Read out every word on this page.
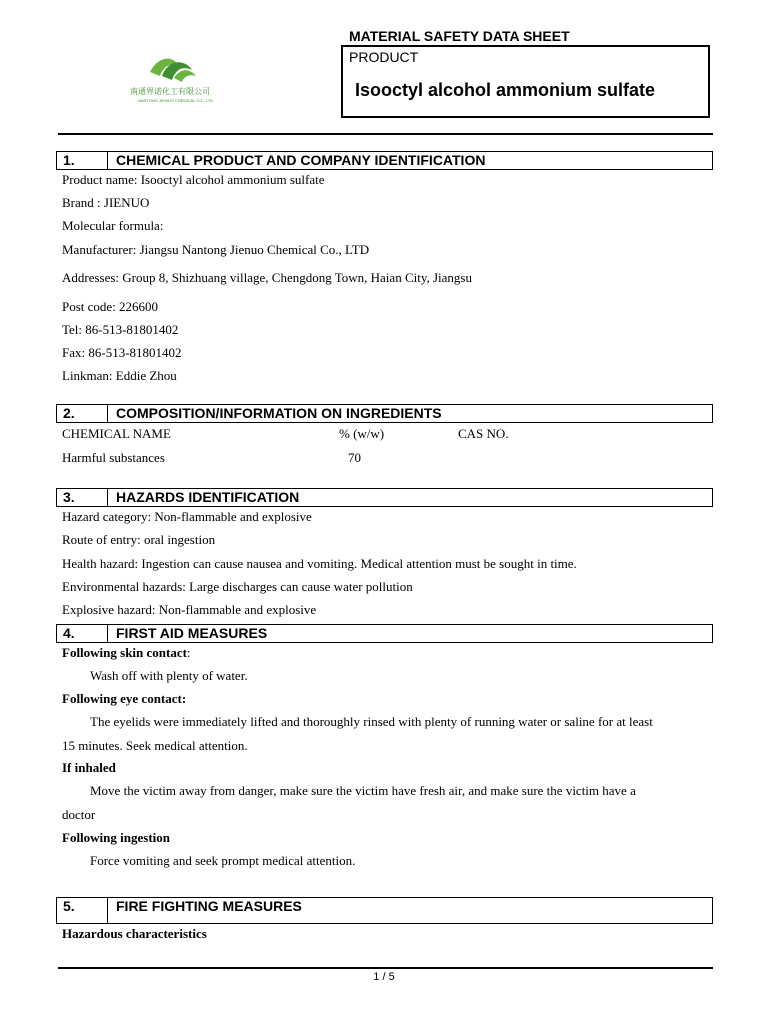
南通界诺化工有限公司
NANTONG JIENUO CHEMICAL CO., LTD
MATERIAL SAFETY DATA SHEET
PRODUCT
Isooctyl alcohol ammonium sulfate
1.	CHEMICAL PRODUCT AND COMPANY IDENTIFICATION
Product name: Isooctyl alcohol ammonium sulfate
Brand : JIENUO
Molecular formula:
Manufacturer: Jiangsu Nantong Jienuo Chemical Co., LTD
Addresses: Group 8, Shizhuang village, Chengdong Town, Haian City, Jiangsu
Post code: 226600
Tel: 86-513-81801402
Fax: 86-513-81801402
Linkman: Eddie Zhou
2.	COMPOSITION/INFORMATION ON INGREDIENTS
CHEMICAL NAME	% (w/w)	CAS NO.
Harmful substances	70
3.	HAZARDS IDENTIFICATION
Hazard category: Non-flammable and explosive
Route of entry: oral ingestion
Health hazard: Ingestion can cause nausea and vomiting. Medical attention must be sought in time.
Environmental hazards: Large discharges can cause water pollution
Explosive hazard: Non-flammable and explosive
4.	FIRST AID MEASURES
Following skin contact:
Wash off with plenty of water.
Following eye contact:
The eyelids were immediately lifted and thoroughly rinsed with plenty of running water or saline for at least
15 minutes. Seek medical attention.
If inhaled
Move the victim away from danger, make sure the victim have fresh air, and make sure the victim have a
doctor
Following ingestion
Force vomiting and seek prompt medical attention.
5.	FIRE FIGHTING MEASURES
Hazardous characteristics
1 / 5
